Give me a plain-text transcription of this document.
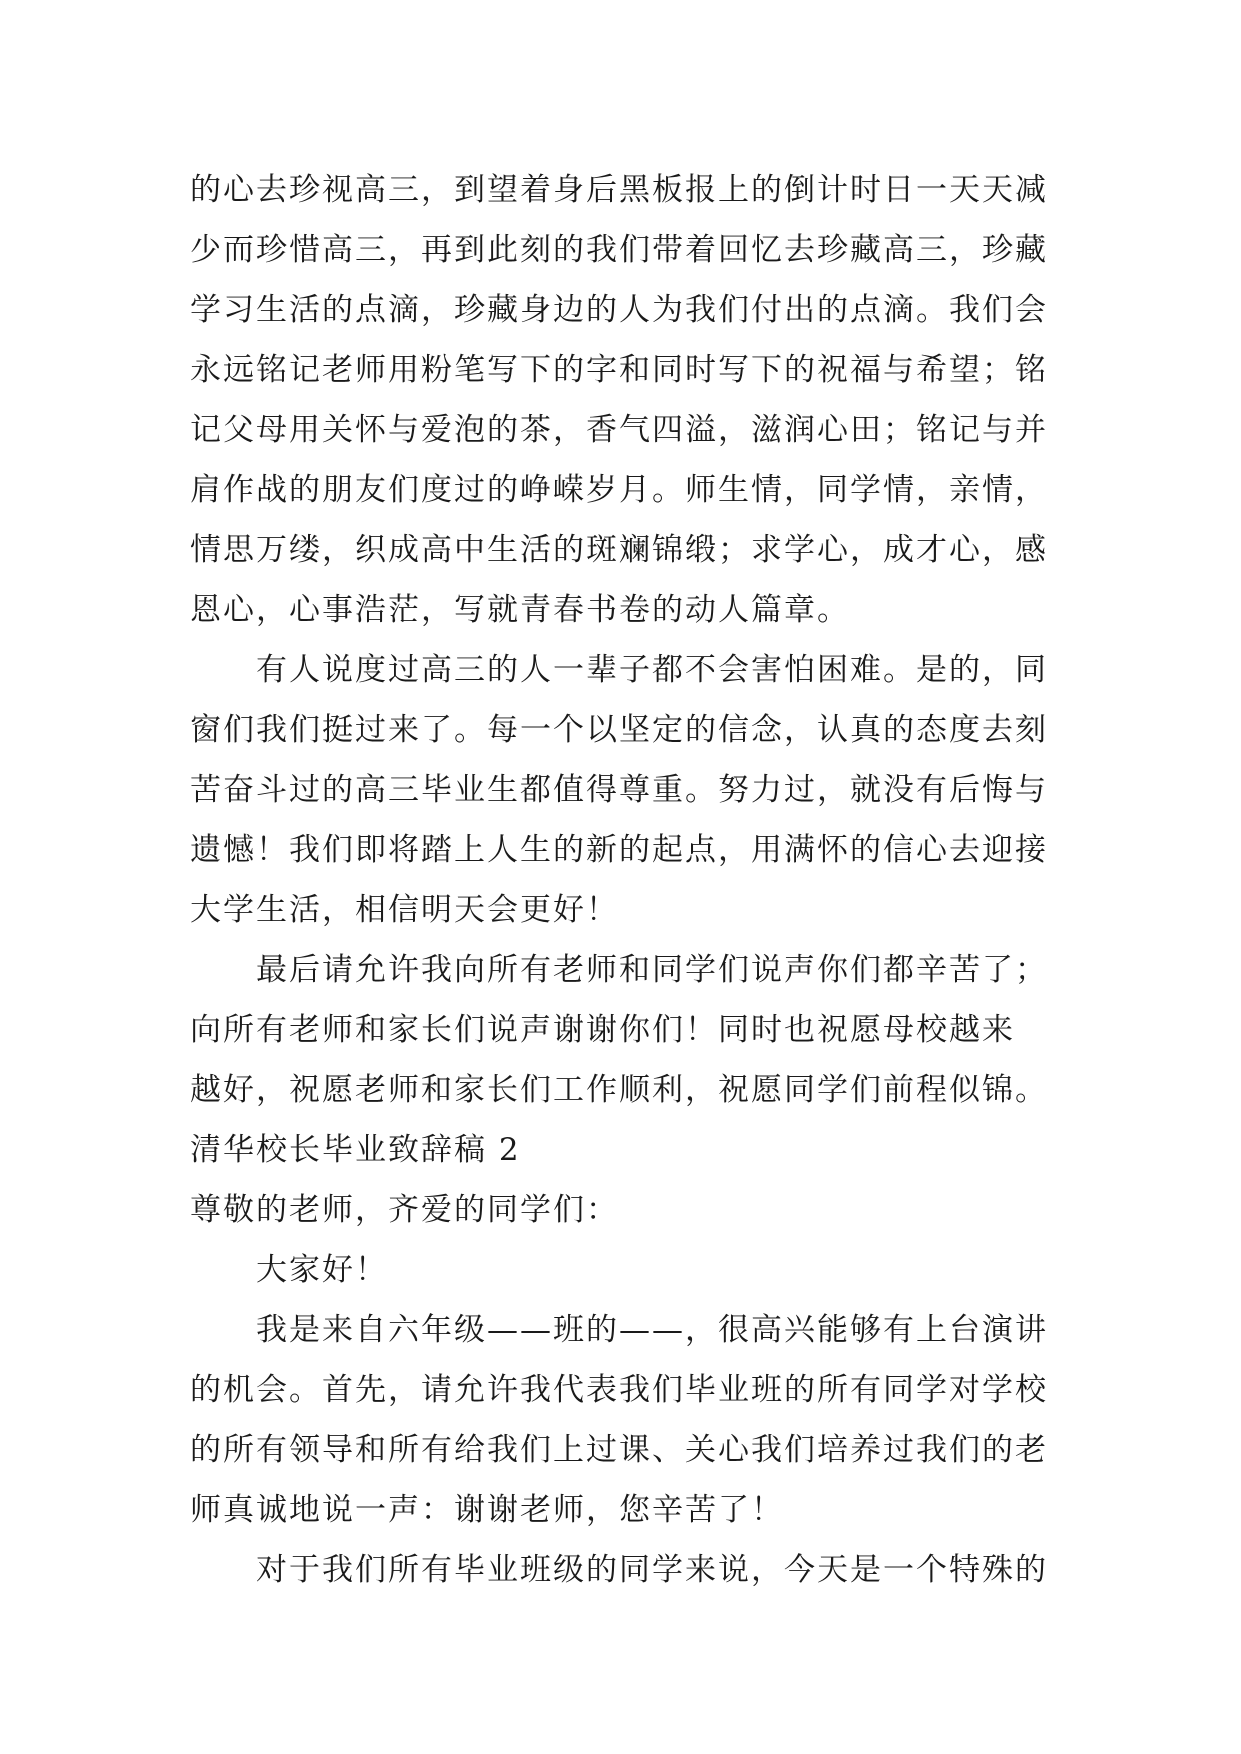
的心去珍视高三，到望着身后黑板报上的倒计时日一天天减
少而珍惜高三，再到此刻的我们带着回忆去珍藏高三，珍藏
学习生活的点滴，珍藏身边的人为我们付出的点滴。我们会
永远铭记老师用粉笔写下的字和同时写下的祝福与希望；铭
记父母用关怀与爱泡的茶，香气四溢，滋润心田；铭记与并
肩作战的朋友们度过的峥嵘岁月。师生情，同学情，亲情，
情思万缕，织成高中生活的斑斓锦缎；求学心，成才心，感
恩心，心事浩茫，写就青春书卷的动人篇章。
有人说度过高三的人一辈子都不会害怕困难。是的，同
窗们我们挺过来了。每一个以坚定的信念，认真的态度去刻
苦奋斗过的高三毕业生都值得尊重。努力过，就没有后悔与
遗憾！我们即将踏上人生的新的起点，用满怀的信心去迎接
大学生活，相信明天会更好！
最后请允许我向所有老师和同学们说声你们都辛苦了；
向所有老师和家长们说声谢谢你们！同时也祝愿母校越来
越好，祝愿老师和家长们工作顺利，祝愿同学们前程似锦。
清华校长毕业致辞稿 2
尊敬的老师，齐爱的同学们：
大家好！
我是来自六年级——班的——，很高兴能够有上台演讲
的机会。首先，请允许我代表我们毕业班的所有同学对学校
的所有领导和所有给我们上过课、关心我们培养过我们的老
师真诚地说一声：谢谢老师，您辛苦了！
对于我们所有毕业班级的同学来说，今天是一个特殊的
